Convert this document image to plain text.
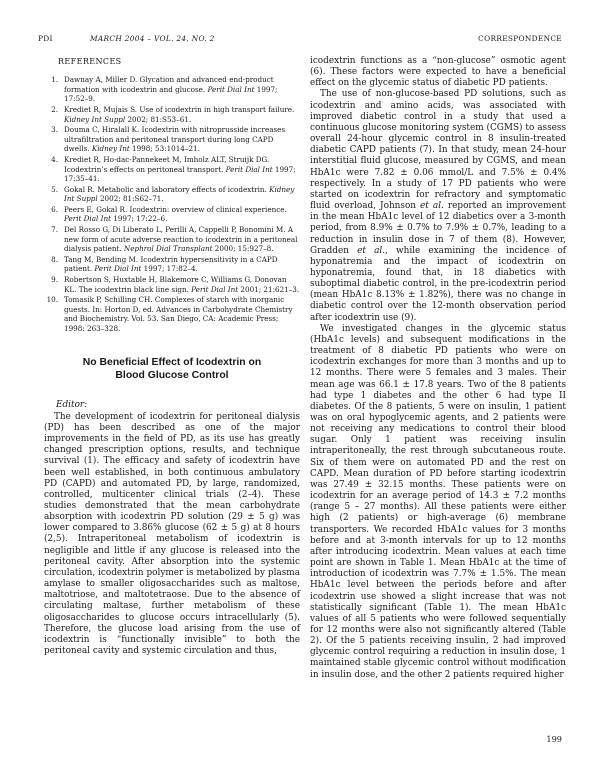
PDI	MARCH 2004 – VOL. 24, NO. 2	CORRESPONDENCE
REFERENCES
1. Dawnay A, Miller D. Glycation and advanced end-product formation with icodextrin and glucose. Perit Dial Int 1997; 17:52–9.
2. Krediet R, Mujais S. Use of icodextrin in high transport failure. Kidney Int Suppl 2002; 81:S53–61.
3. Douma C, Hiralall K. Icodextrin with nitroprusside increases ultrafiltration and peritoneal transport during long CAPD dwells. Kidney Int 1998; 53:1014–21.
4. Krediet R, Ho-dac-Pannekeet M, Imholz ALT, Struijk DG. Icodextrin’s effects on peritoneal transport. Perit Dial Int 1997; 17:35–41.
5. Gokal R. Metabolic and laboratory effects of icodextrin. Kidney Int Suppl 2002; 81:S62–71.
6. Peers E, Gokal R. Icodextrin: overview of clinical experience. Perit Dial Int 1997; 17:22–6.
7. Del Rosso G, Di Liberato L, Perilli A, Cappelli P, Bonomini M. A new form of acute adverse reaction to icodextrin in a peritoneal dialysis patient. Nephrol Dial Transplant 2000; 15:927–8.
8. Tang M, Bending M. Icodextrin hypersensitivity in a CAPD patient. Perit Dial Int 1997; 17:82–4.
9. Robertson S, Huxtable H, Blakemore C, Williams G, Donovan KL. The icodextrin black line sign. Perit Dial Int 2001; 21:621–3.
10. Tomasik P, Schilling CH. Complexes of starch with inorganic guests. In: Horton D, ed. Advances in Carbohydrate Chemistry and Biochemistry. Vol. 53. San Diego, CA: Academic Press; 1998: 263–328.
No Beneficial Effect of Icodextrin on
Blood Glucose Control
Editor:

The development of icodextrin for peritoneal dialysis (PD) has been described as one of the major improvements in the field of PD, as its use has greatly changed prescription options, results, and technique survival (1). The efficacy and safety of icodextrin have been well established, in both continuous ambulatory PD (CAPD) and automated PD, by large, randomized, controlled, multicenter clinical trials (2–4). These studies demonstrated that the mean carbohydrate absorption with icodextrin PD solution (29 ± 5 g) was lower compared to 3.86% glucose (62 ± 5 g) at 8 hours (2,5). Intraperitoneal metabolism of icodextrin is negligible and little if any glucose is released into the peritoneal cavity. After absorption into the systemic circulation, icodextrin polymer is metabolized by plasma amylase to smaller oligosaccharides such as maltose, maltotriose, and maltotetraose. Due to the absence of circulating maltase, further metabolism of these oligosaccharides to glucose occurs intracellularly (5). Therefore, the glucose load arising from the use of icodextrin is “functionally invisible” to both the peritoneal cavity and systemic circulation and thus,

icodextrin functions as a “non-glucose” osmotic agent (6). These factors were expected to have a beneficial effect on the glycemic status of diabetic PD patients.

The use of non-glucose-based PD solutions, such as icodextrin and amino acids, was associated with improved diabetic control in a study that used a continuous glucose monitoring system (CGMS) to assess overall 24-hour glycemic control in 8 insulin-treated diabetic CAPD patients (7). In that study, mean 24-hour interstitial fluid glucose, measured by CGMS, and mean HbA1c were 7.82 ± 0.06 mmol/L and 7.5% ± 0.4% respectively. In a study of 17 PD patients who were started on icodextrin for refractory and symptomatic fluid overload, Johnson et al. reported an improvement in the mean HbA1c level of 12 diabetics over a 3-month period, from 8.9% ± 0.7% to 7.9% ± 0.7%, leading to a reduction in insulin dose in 7 of them (8). However, Gradden et al., while examining the incidence of hyponatremia and the impact of icodextrin on hyponatremia, found that, in 18 diabetics with suboptimal diabetic control, in the pre-icodextrin period (mean HbA1c 8.13% ± 1.82%), there was no change in diabetic control over the 12-month observation period after icodextrin use (9).

We investigated changes in the glycemic status (HbA1c levels) and subsequent modifications in the treatment of 8 diabetic PD patients who were on icodextrin exchanges for more than 3 months and up to 12 months. There were 5 females and 3 males. Their mean age was 66.1 ± 17.8 years. Two of the 8 patients had type 1 diabetes and the other 6 had type II diabetes. Of the 8 patients, 5 were on insulin, 1 patient was on oral hypoglycemic agents, and 2 patients were not receiving any medications to control their blood sugar. Only 1 patient was receiving insulin intraperitoneally, the rest through subcutaneous route. Six of them were on automated PD and the rest on CAPD. Mean duration of PD before starting icodextrin was 27.49 ± 32.15 months. These patients were on icodextrin for an average period of 14.3 ± 7.2 months (range 5 – 27 months). All these patients were either high (2 patients) or high-average (6) membrane transporters. We recorded HbA1c values for 3 months before and at 3-month intervals for up to 12 months after introducing icodextrin. Mean values at each time point are shown in Table 1. Mean HbA1c at the time of introduction of icodextrin was 7.7% ± 1.5%. The mean HbA1c level between the periods before and after icodextrin use showed a slight increase that was not statistically significant (Table 1). The mean HbA1c values of all 5 patients who were followed sequentially for 12 months were also not significantly altered (Table 2). Of the 5 patients receiving insulin, 2 had improved glycemic control requiring a reduction in insulin dose, 1 maintained stable glycemic control without modification in insulin dose, and the other 2 patients required higher

199
